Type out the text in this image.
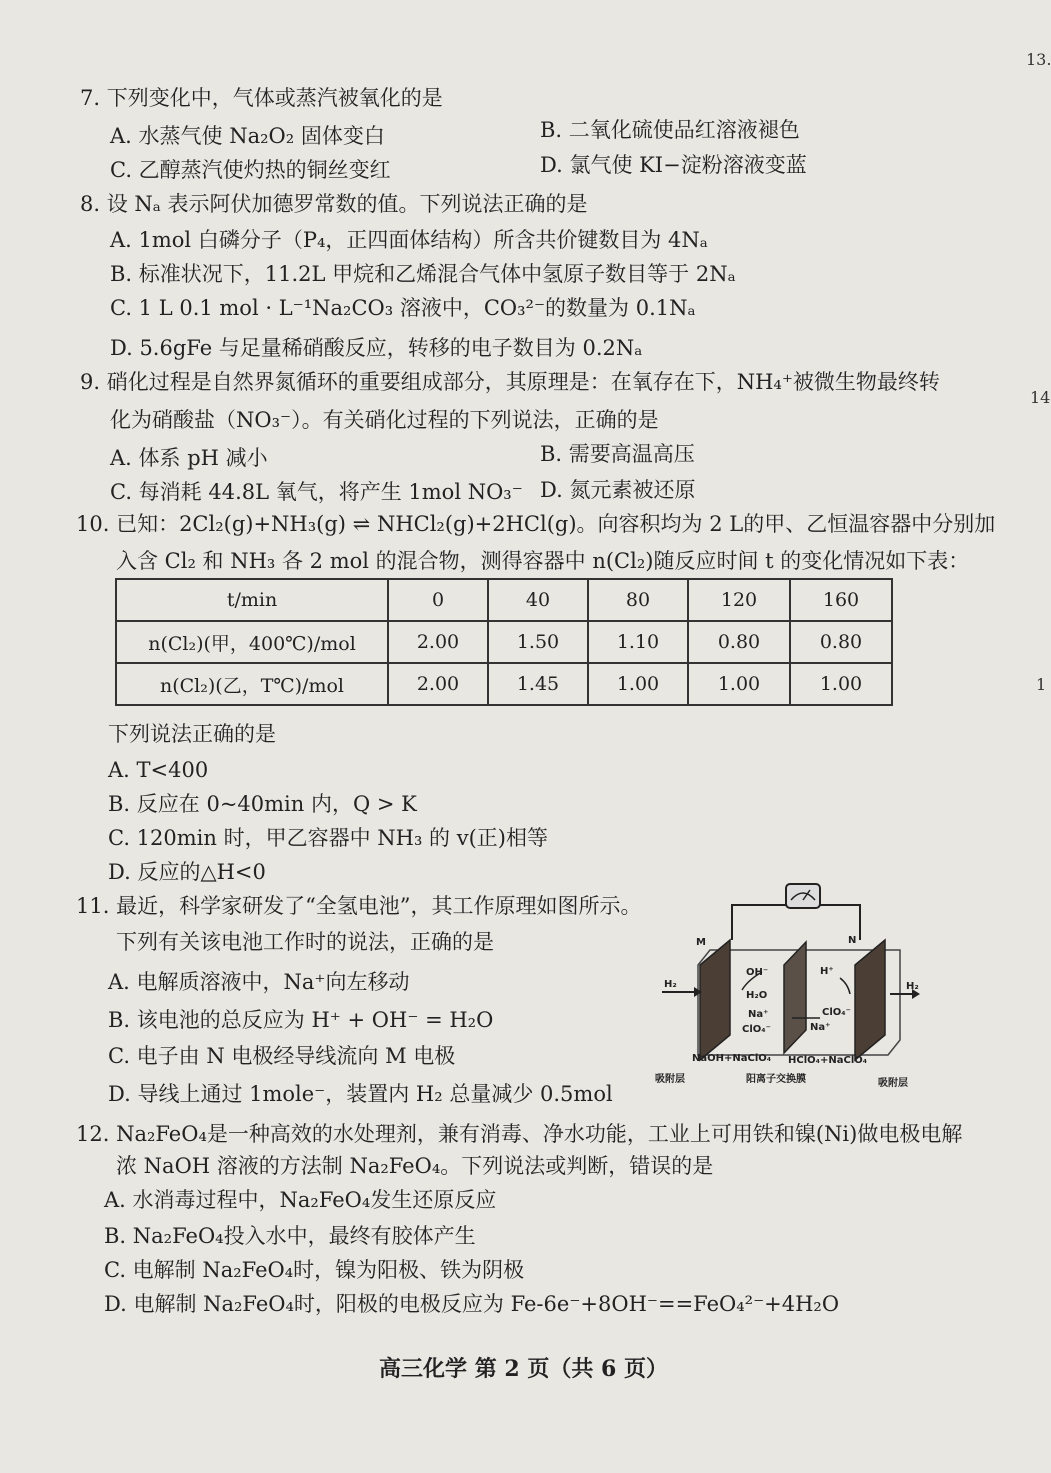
13.
14
1
7. 下列变化中，气体或蒸汽被氧化的是
A. 水蒸气使 Na₂O₂ 固体变白	B. 二氧化硫使品红溶液褪色
C. 乙醇蒸汽使灼热的铜丝变红	D. 氯气使 KI−淀粉溶液变蓝
8. 设 Nₐ 表示阿伏加德罗常数的值。下列说法正确的是
A. 1mol 白磷分子（P₄，正四面体结构）所含共价键数目为 4Nₐ
B. 标准状况下，11.2L 甲烷和乙烯混合气体中氢原子数目等于 2Nₐ
C. 1 L 0.1 mol · L⁻¹Na₂CO₃ 溶液中，CO₃²⁻的数量为 0.1Nₐ
D. 5.6gFe 与足量稀硝酸反应，转移的电子数目为 0.2Nₐ
9. 硝化过程是自然界氮循环的重要组成部分，其原理是：在氧存在下，NH₄⁺被微生物最终转
化为硝酸盐（NO₃⁻）。有关硝化过程的下列说法，正确的是
A. 体系 pH 减小	B. 需要高温高压
C. 每消耗 44.8L 氧气，将产生 1mol NO₃⁻ D. 氮元素被还原
10. 已知：2Cl₂(g)+NH₃(g) ⇌ NHCl₂(g)+2HCl(g)。向容积均为 2 L的甲、乙恒温容器中分别加
入含 Cl₂ 和 NH₃ 各 2 mol 的混合物，测得容器中 n(Cl₂)随反应时间 t 的变化情况如下表：
t/min	0	40	80	120	160
n(Cl₂)(甲，400℃)/mol	2.00	1.50	1.10	0.80	0.80
n(Cl₂)(乙，T℃)/mol	2.00	1.45	1.00	1.00	1.00
下列说法正确的是
A. T<400
B. 反应在 0~40min 内，Q > K
C. 120min 时，甲乙容器中 NH₃ 的 v(正)相等
D. 反应的△H<0
11. 最近，科学家研发了“全氢电池”，其工作原理如图所示。
下列有关该电池工作时的说法，正确的是
A. 电解质溶液中，Na⁺向左移动
B. 该电池的总反应为 H⁺ + OH⁻ = H₂O
C. 电子由 N 电极经导线流向 M 电极
D. 导线上通过 1mole⁻，装置内 H₂ 总量减少 0.5mol
M	N
H₂	H₂
OH⁻
H₂O
H⁺
Na⁺
ClO₄⁻
ClO₄⁻
Na⁺
NaOH+NaClO₄ HClO₄+NaClO₄
吸附层	阳离子交换膜	吸附层
12. Na₂FeO₄是一种高效的水处理剂，兼有消毒、净水功能，工业上可用铁和镍(Ni)做电极电解
浓 NaOH 溶液的方法制 Na₂FeO₄。下列说法或判断，错误的是
A. 水消毒过程中，Na₂FeO₄发生还原反应
B. Na₂FeO₄投入水中，最终有胶体产生
C. 电解制 Na₂FeO₄时，镍为阳极、铁为阴极
D. 电解制 Na₂FeO₄时，阳极的电极反应为 Fe-6e⁻+8OH⁻==FeO₄²⁻+4H₂O
高三化学 第 2 页（共 6 页）
